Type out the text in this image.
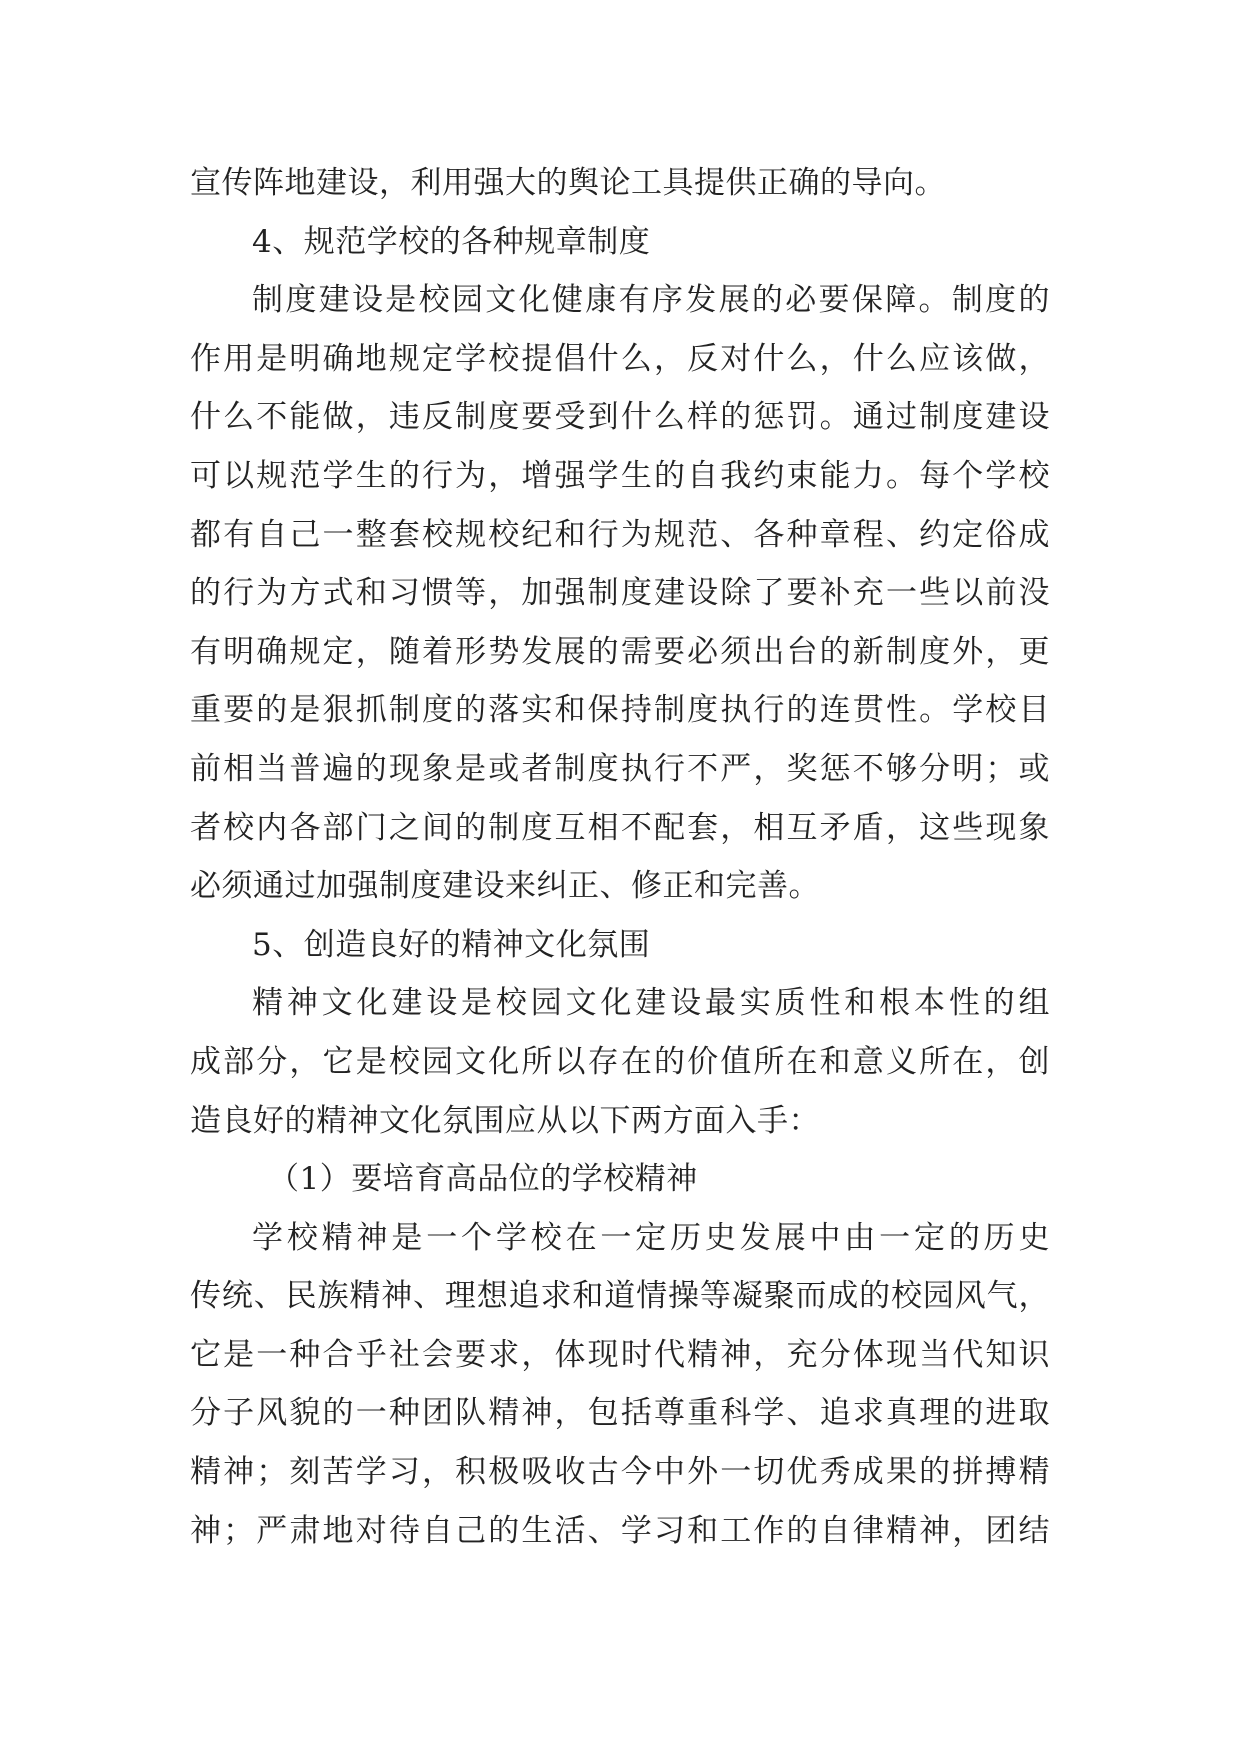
宣传阵地建设，利用强大的舆论工具提供正确的导向。
4、规范学校的各种规章制度
制度建设是校园文化健康有序发展的必要保障。制度的
作用是明确地规定学校提倡什么，反对什么，什么应该做，
什么不能做，违反制度要受到什么样的惩罚。通过制度建设
可以规范学生的行为，增强学生的自我约束能力。每个学校
都有自己一整套校规校纪和行为规范、各种章程、约定俗成
的行为方式和习惯等，加强制度建设除了要补充一些以前没
有明确规定，随着形势发展的需要必须出台的新制度外，更
重要的是狠抓制度的落实和保持制度执行的连贯性。学校目
前相当普遍的现象是或者制度执行不严，奖惩不够分明；或
者校内各部门之间的制度互相不配套，相互矛盾，这些现象
必须通过加强制度建设来纠正、修正和完善。
5、创造良好的精神文化氛围
精神文化建设是校园文化建设最实质性和根本性的组
成部分，它是校园文化所以存在的价值所在和意义所在，创
造良好的精神文化氛围应从以下两方面入手：
（1）要培育高品位的学校精神
学校精神是一个学校在一定历史发展中由一定的历史
传统、民族精神、理想追求和道情操等凝聚而成的校园风气，
它是一种合乎社会要求，体现时代精神，充分体现当代知识
分子风貌的一种团队精神，包括尊重科学、追求真理的进取
精神；刻苦学习，积极吸收古今中外一切优秀成果的拼搏精
神；严肃地对待自己的生活、学习和工作的自律精神，团结
